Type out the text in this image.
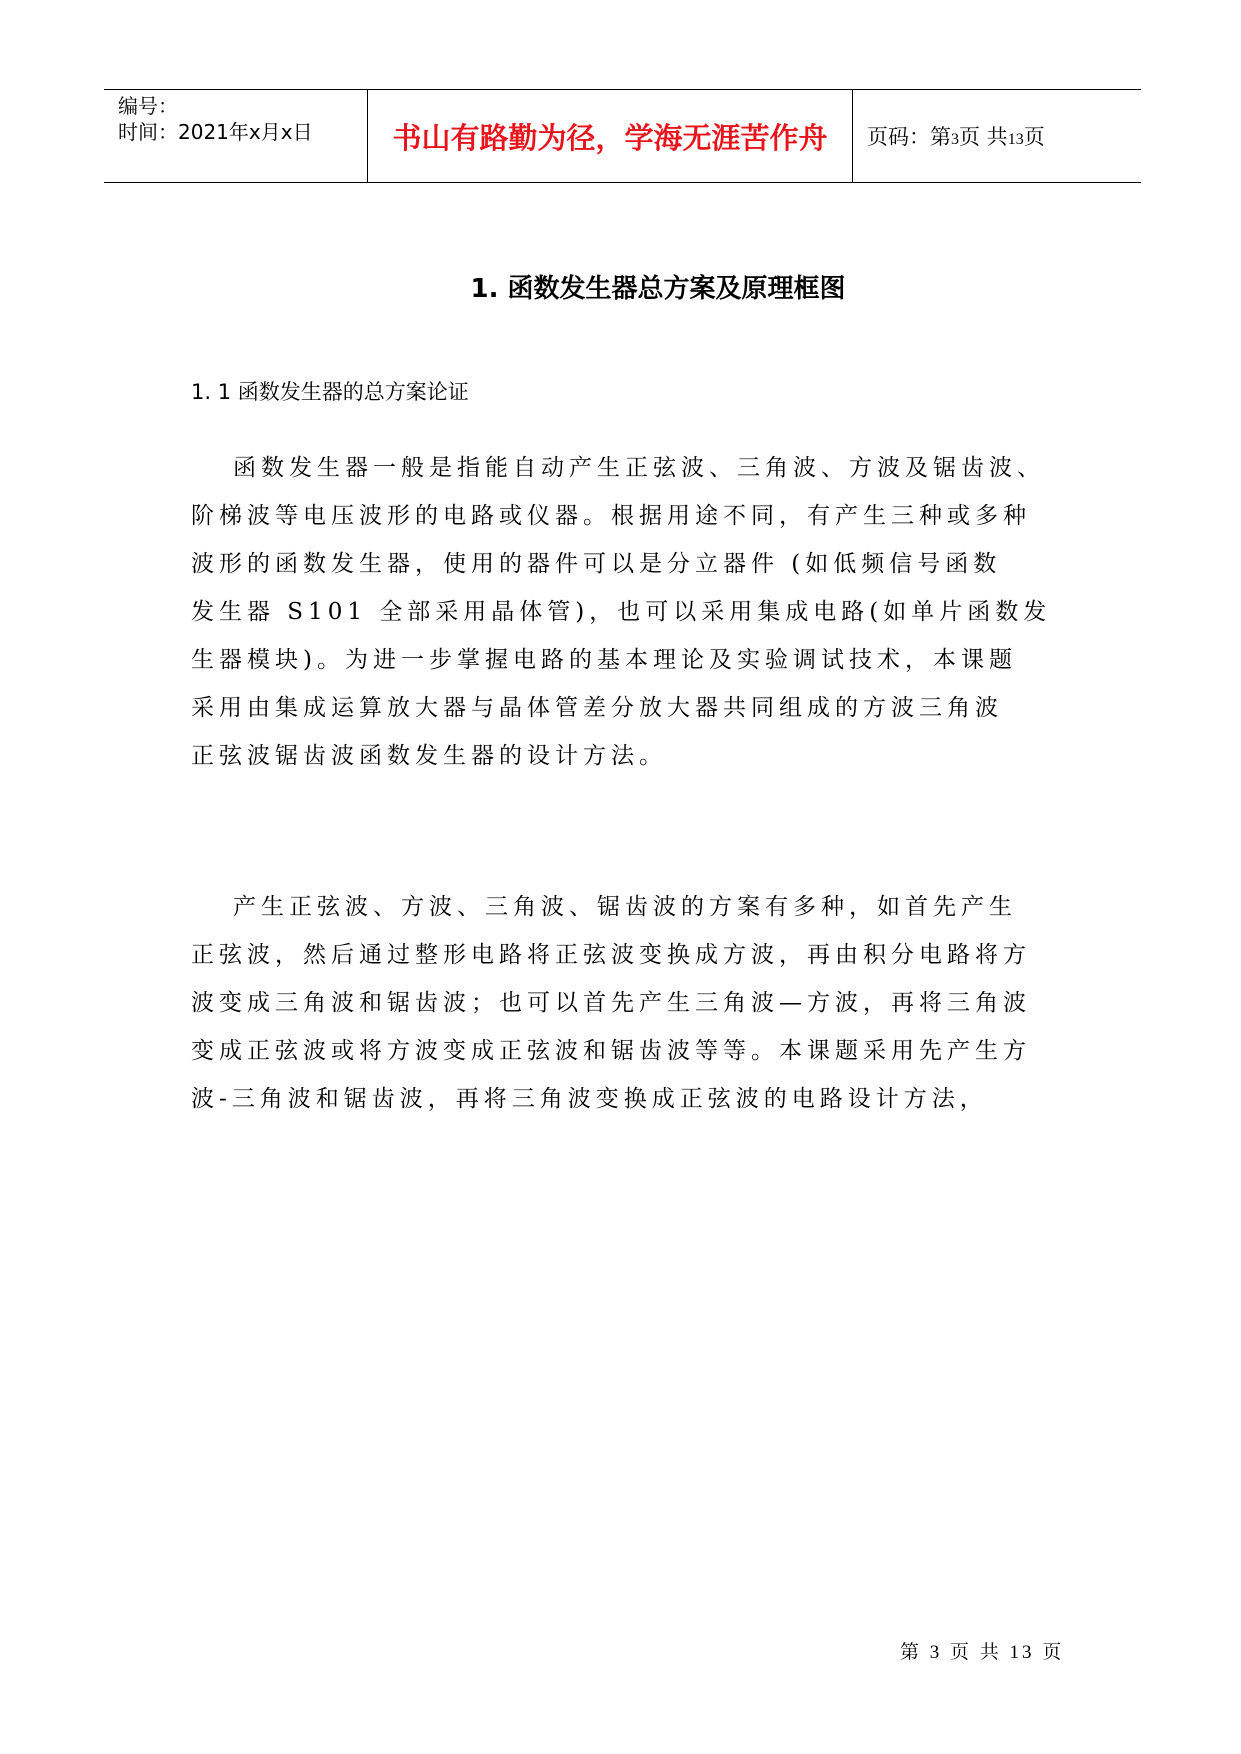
编号：
时间：2021年x月x日	书山有路勤为径，学海无涯苦作舟 页码：第3页 共13页
1. 函数发生器总方案及原理框图
1. 1 函数发生器的总方案论证
函数发生器一般是指能自动产生正弦波、三角波、方波及锯齿波、
阶梯波等电压波形的电路或仪器。根据用途不同，有产生三种或多种
波形的函数发生器，使用的器件可以是分立器件 (如低频信号函数
发生器 S101 全部采用晶体管)，也可以采用集成电路(如单片函数发
生器模块)。为进一步掌握电路的基本理论及实验调试技术，本课题
采用由集成运算放大器与晶体管差分放大器共同组成的方波三角波
正弦波锯齿波函数发生器的设计方法。
产生正弦波、方波、三角波、锯齿波的方案有多种，如首先产生
正弦波，然后通过整形电路将正弦波变换成方波，再由积分电路将方
波变成三角波和锯齿波；也可以首先产生三角波—方波，再将三角波
变成正弦波或将方波变成正弦波和锯齿波等等。本课题采用先产生方
波-三角波和锯齿波，再将三角波变换成正弦波的电路设计方法，
第 3 页 共 13 页
